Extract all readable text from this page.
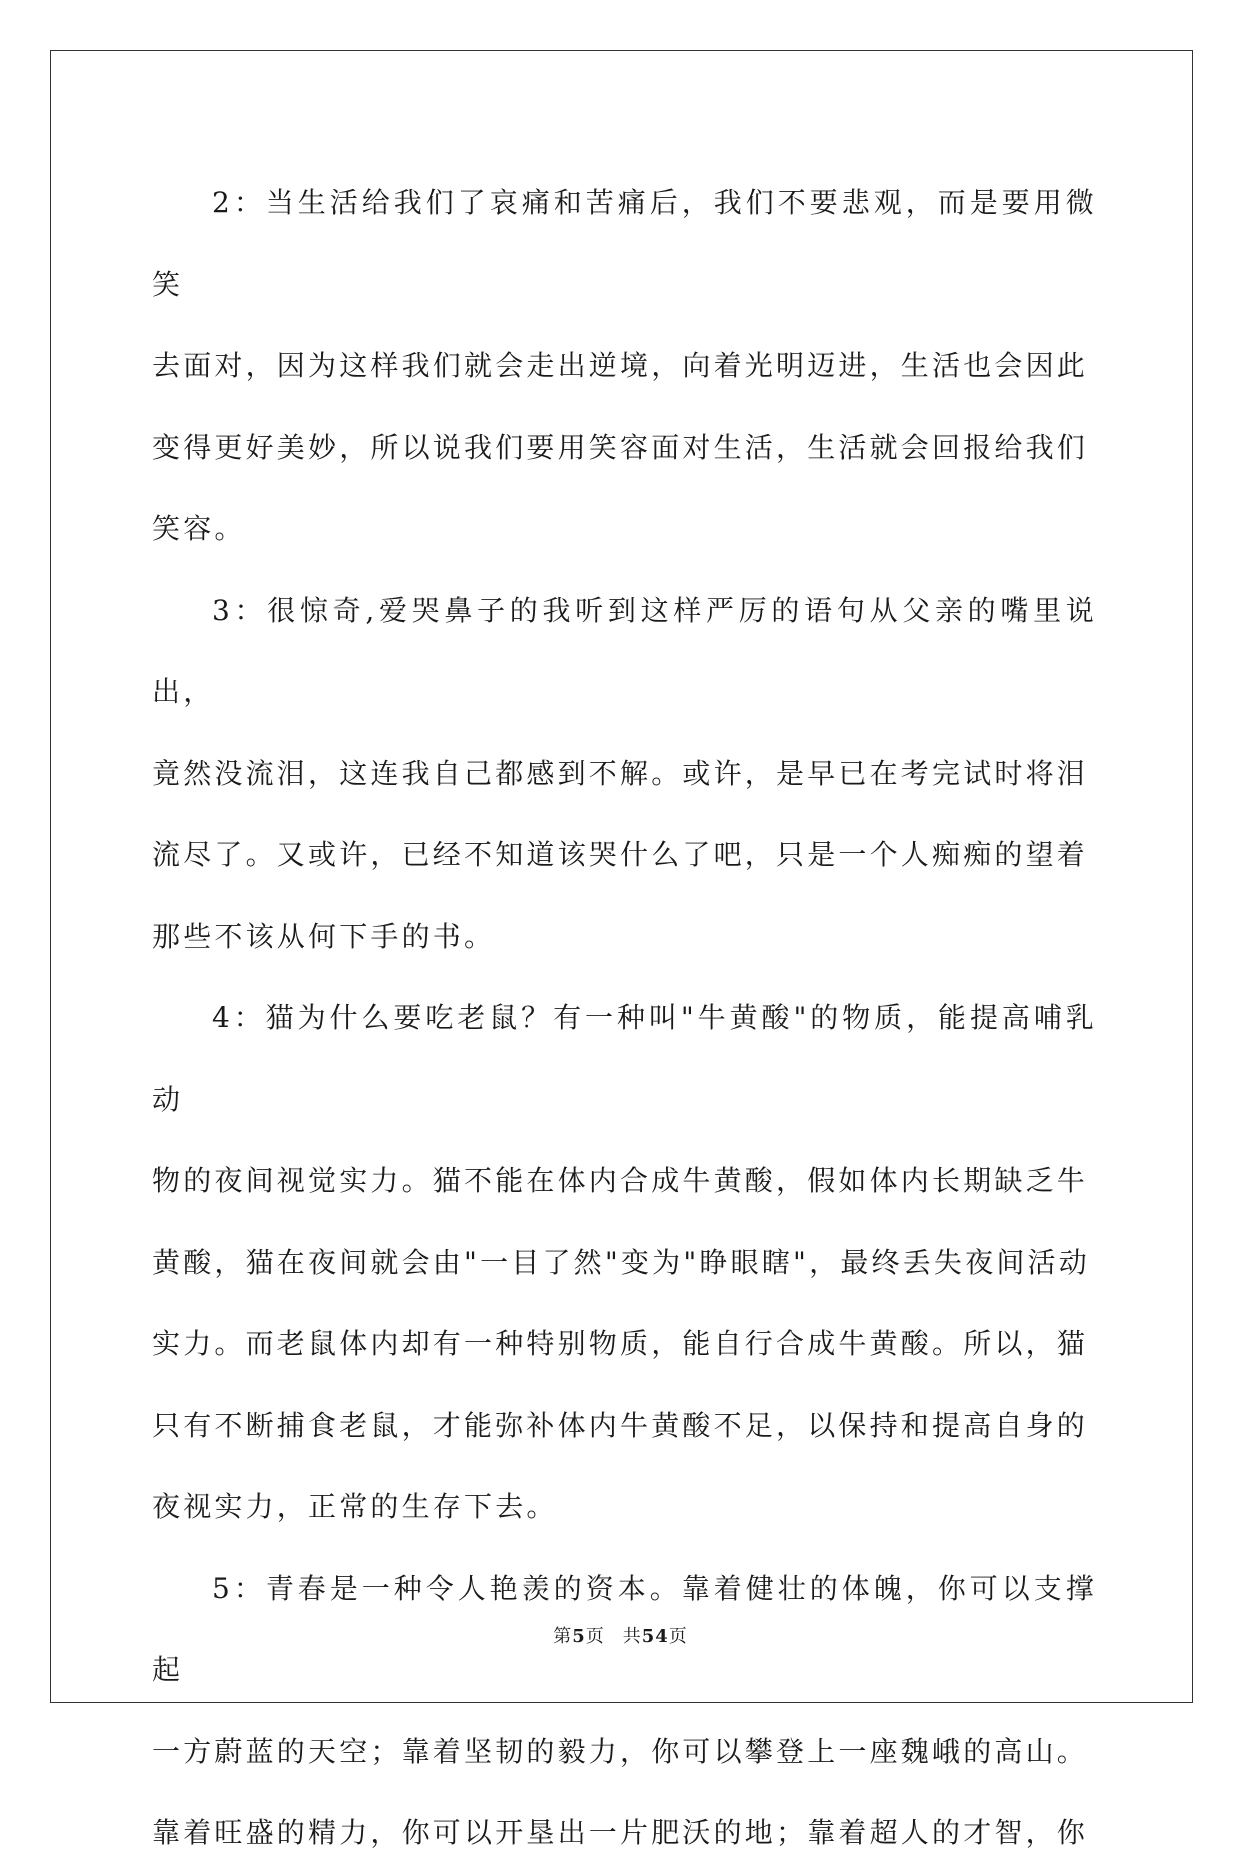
2：当生活给我们了哀痛和苦痛后，我们不要悲观，而是要用微笑
去面对，因为这样我们就会走出逆境，向着光明迈进，生活也会因此
变得更好美妙，所以说我们要用笑容面对生活，生活就会回报给我们
笑容。

3：很惊奇,爱哭鼻子的我听到这样严厉的语句从父亲的嘴里说出，
竟然没流泪，这连我自己都感到不解。或许，是早已在考完试时将泪
流尽了。又或许，已经不知道该哭什么了吧，只是一个人痴痴的望着
那些不该从何下手的书。

4：猫为什么要吃老鼠？有一种叫"牛黄酸"的物质，能提高哺乳动
物的夜间视觉实力。猫不能在体内合成牛黄酸，假如体内长期缺乏牛
黄酸，猫在夜间就会由"一目了然"变为"睁眼瞎"，最终丢失夜间活动
实力。而老鼠体内却有一种特别物质，能自行合成牛黄酸。所以，猫
只有不断捕食老鼠，才能弥补体内牛黄酸不足，以保持和提高自身的
夜视实力，正常的生存下去。

5：青春是一种令人艳羡的资本。靠着健壮的体魄，你可以支撑起
一方蔚蓝的天空；靠着坚韧的毅力，你可以攀登上一座魏峨的高山。
靠着旺盛的精力，你可以开垦出一片肥沃的地；靠着超人的才智，你

第5页 共54页
